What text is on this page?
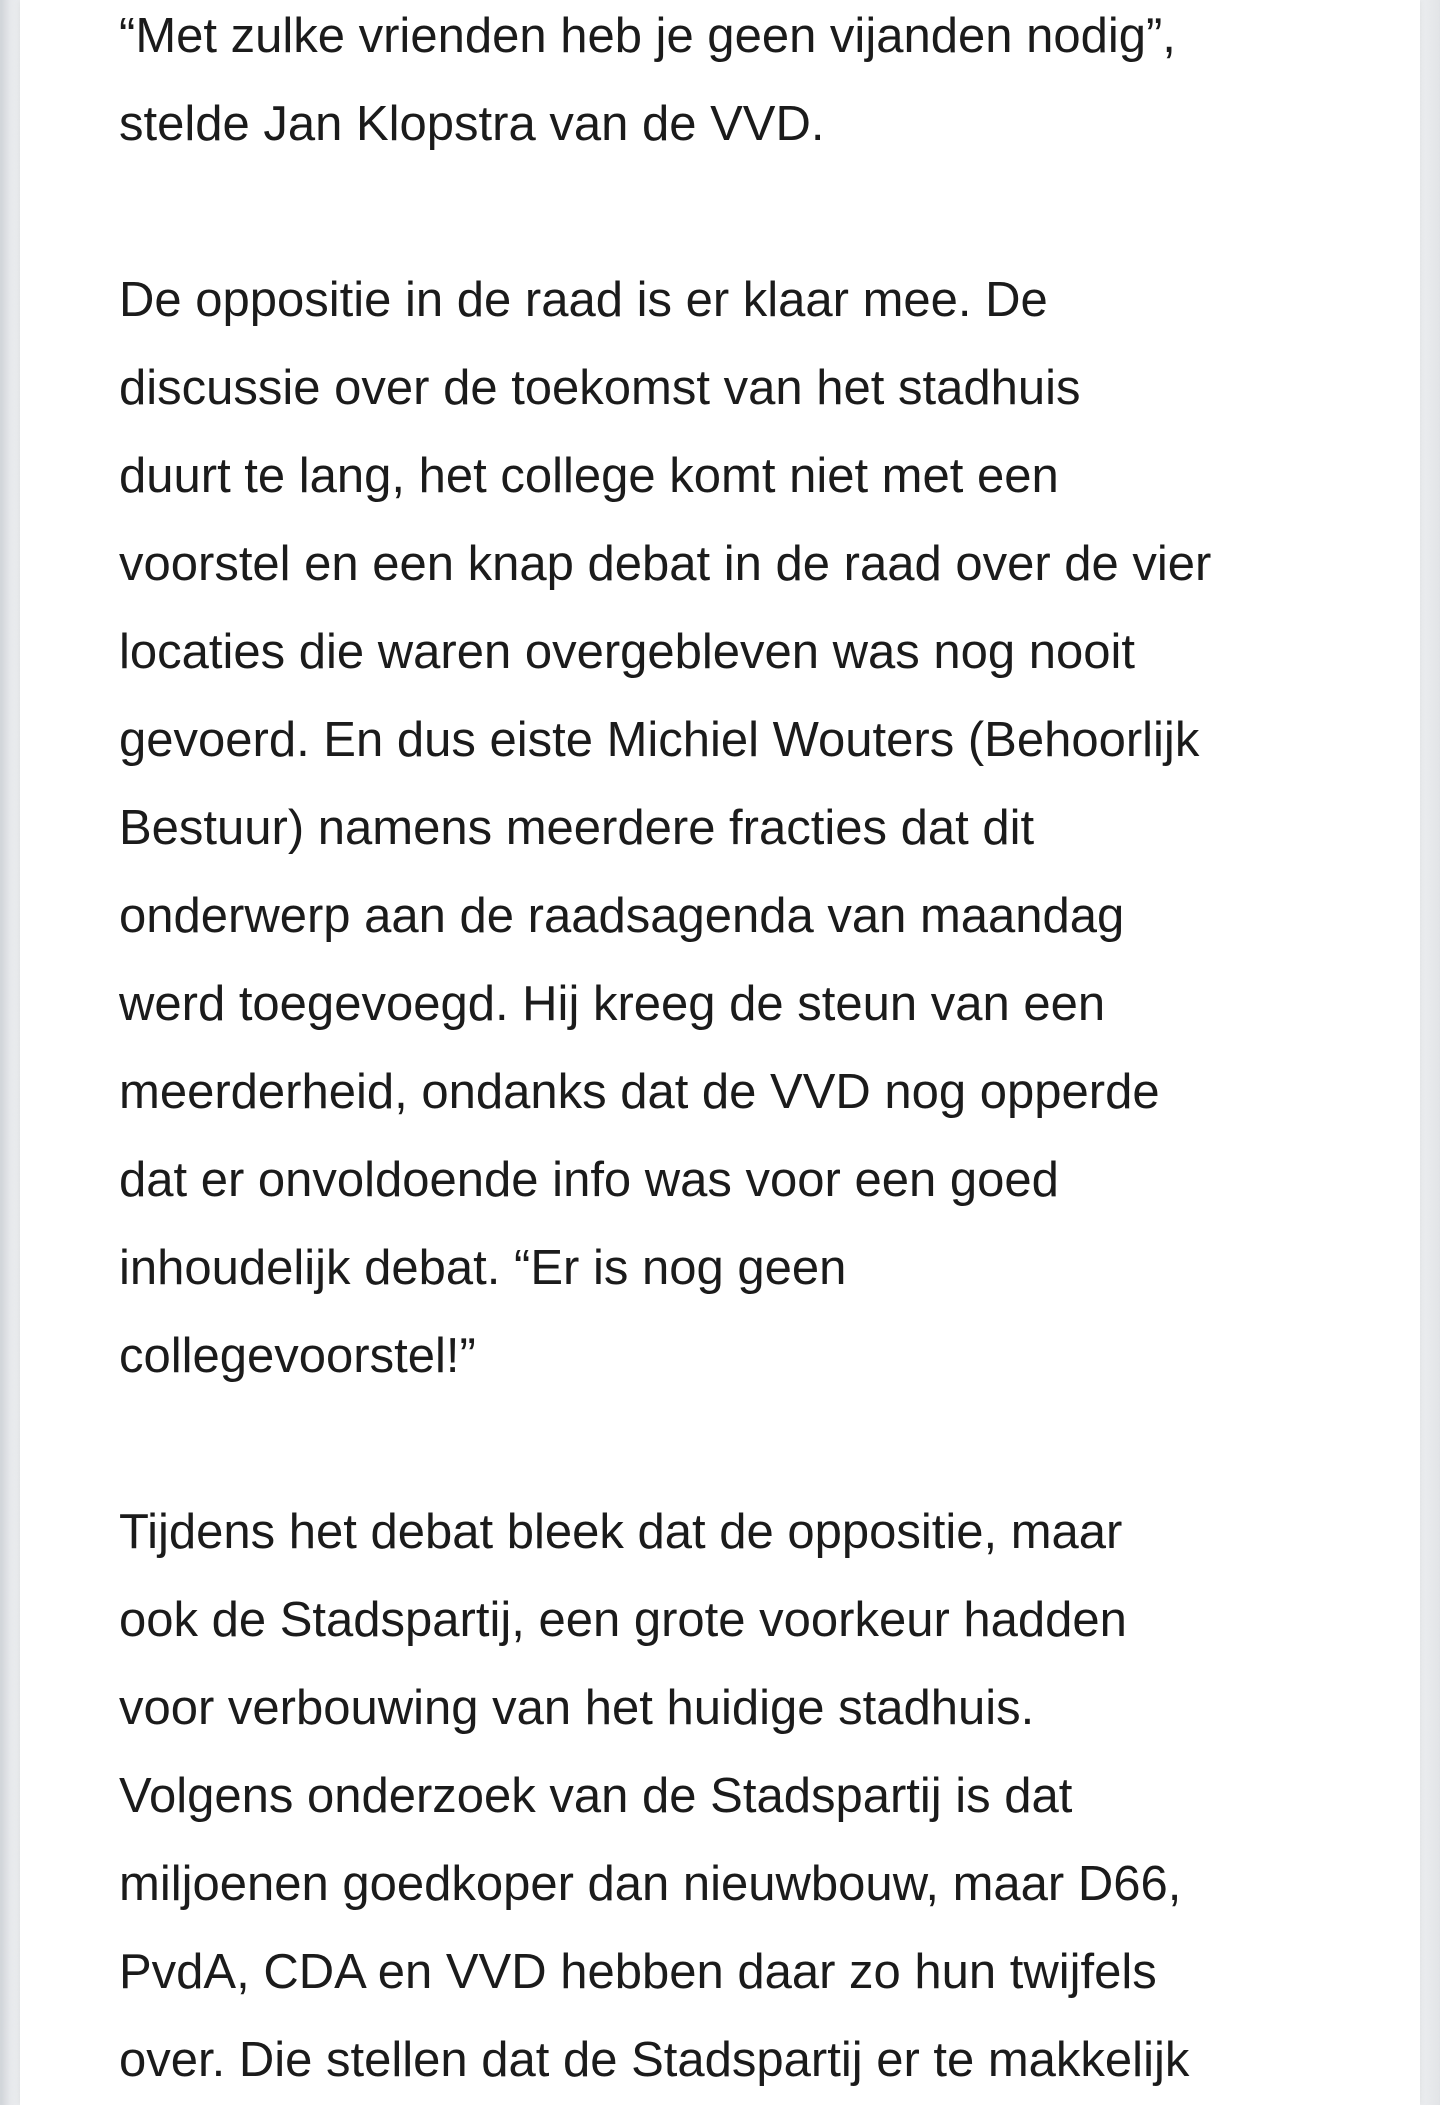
“Met zulke vrienden heb je geen vijanden nodig”,
stelde Jan Klopstra van de VVD.

De oppositie in de raad is er klaar mee. De
discussie over de toekomst van het stadhuis
duurt te lang, het college komt niet met een
voorstel en een knap debat in de raad over de vier
locaties die waren overgebleven was nog nooit
gevoerd. En dus eiste Michiel Wouters (Behoorlijk
Bestuur) namens meerdere fracties dat dit
onderwerp aan de raadsagenda van maandag
werd toegevoegd. Hij kreeg de steun van een
meerderheid, ondanks dat de VVD nog opperde
dat er onvoldoende info was voor een goed
inhoudelijk debat. “Er is nog geen
collegevoorstel!”

Tijdens het debat bleek dat de oppositie, maar
ook de Stadspartij, een grote voorkeur hadden
voor verbouwing van het huidige stadhuis.
Volgens onderzoek van de Stadspartij is dat
miljoenen goedkoper dan nieuwbouw, maar D66,
PvdA, CDA en VVD hebben daar zo hun twijfels
over. Die stellen dat de Stadspartij er te makkelijk
